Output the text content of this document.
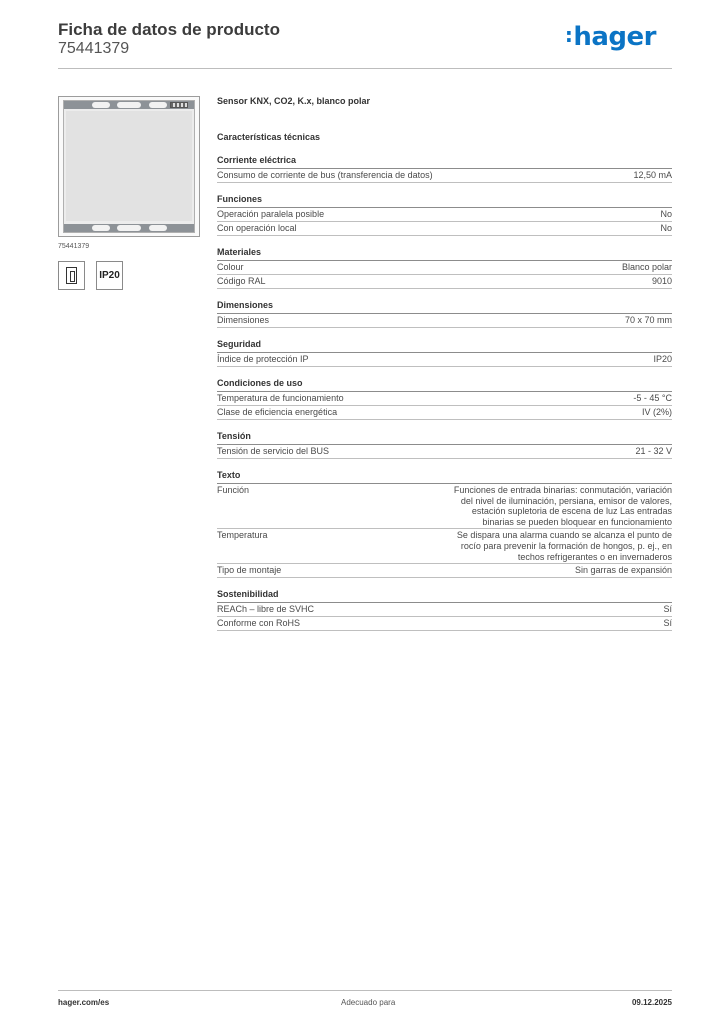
Ficha de datos de producto
75441379
:hager
75441379
IP20
Sensor KNX, CO2, K.x, blanco polar
Características técnicas
Corriente eléctrica
Consumo de corriente de bus (transferencia de datos)	12,50 mA
Funciones
Operación paralela posible	No
Con operación local	No
Materiales
Colour	Blanco polar
Código RAL	9010
Dimensiones
Dimensiones	70 x 70 mm
Seguridad
Índice de protección IP	IP20
Condiciones de uso
Temperatura de funcionamiento	-5 - 45 °C
Clase de eficiencia energética	IV (2%)
Tensión
Tensión de servicio del BUS	21 - 32 V
Texto
Función	Funciones de entrada binarias: conmutación, variación del nivel de iluminación, persiana, emisor de valores, estación supletoria de escena de luz Las entradas binarias se pueden bloquear en funcionamiento
Temperatura	Se dispara una alarma cuando se alcanza el punto de rocío para prevenir la formación de hongos, p. ej., en techos refrigerantes o en invernaderos
Tipo de montaje	Sin garras de expansión
Sostenibilidad
REACh – libre de SVHC	Sí
Conforme con RoHS	Sí
hager.com/es	Adecuado para	09.12.2025
